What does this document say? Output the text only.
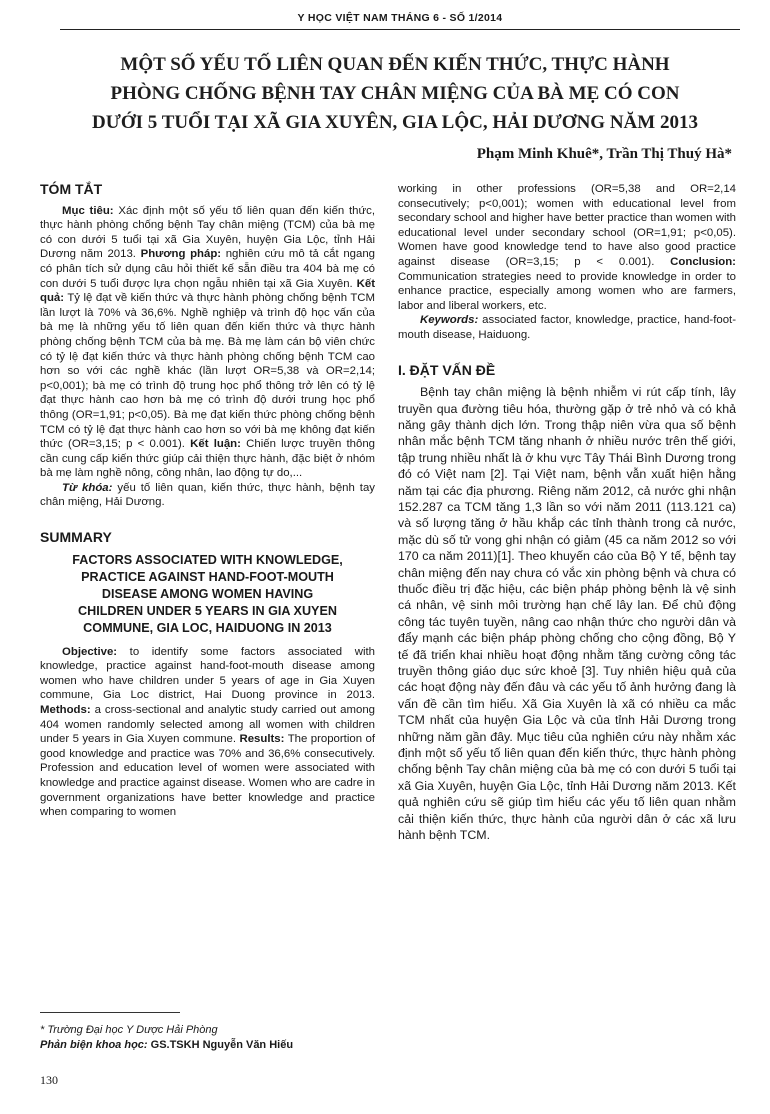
Y HỌC VIỆT NAM THÁNG 6 - SỐ 1/2014
MỘT SỐ YẾU TỐ LIÊN QUAN ĐẾN KIẾN THỨC, THỰC HÀNH
PHÒNG CHỐNG BỆNH TAY CHÂN MIỆNG CỦA BÀ MẸ CÓ CON
DƯỚI 5 TUỔI TẠI XÃ GIA XUYÊN, GIA LỘC, HẢI DƯƠNG NĂM 2013

Phạm Minh Khuê*, Trần Thị Thuý Hà*

TÓM TẮT

Mục tiêu: Xác định một số yếu tố liên quan đến kiến thức, thực hành phòng chống bệnh Tay chân miệng (TCM) của bà mẹ có con dưới 5 tuổi tại xã Gia Xuyên, huyện Gia Lộc, tỉnh Hải Dương năm 2013. Phương pháp: nghiên cứu mô tả cắt ngang có phân tích sử dụng câu hỏi thiết kế sẵn điều tra 404 bà mẹ có con dưới 5 tuổi được lựa chọn ngẫu nhiên tại xã Gia Xuyên. Kết quả: Tỷ lệ đạt về kiến thức và thực hành phòng chống bệnh TCM lần lượt là 70% và 36,6%. Nghề nghiệp và trình độ học vấn của bà mẹ là những yếu tố liên quan đến kiến thức và thực hành phòng chống bệnh TCM của bà mẹ. Bà mẹ làm cán bộ viên chức có tỷ lệ đạt kiến thức và thực hành phòng chống bệnh TCM cao hơn so với các nghề khác (lần lượt OR=5,38 và OR=2,14; p<0,001); bà mẹ có trình độ trung học phổ thông trở lên có tỷ lệ đạt thực hành cao hơn bà mẹ có trình độ dưới trung học phổ thông (OR=1,91; p<0,05). Bà mẹ đạt kiến thức phòng chống bệnh TCM có tỷ lệ đạt thực hành cao hơn so với bà mẹ không đạt kiến thức (OR=3,15; p < 0.001). Kết luận: Chiến lược truyền thông cần cung cấp kiến thức giúp cải thiện thực hành, đặc biệt ở nhóm bà mẹ làm nghề nông, công nhân, lao động tự do,...

Từ khóa: yếu tố liên quan, kiến thức, thực hành, bệnh tay chân miệng, Hải Dương.

SUMMARY
FACTORS ASSOCIATED WITH KNOWLEDGE,
PRACTICE AGAINST HAND-FOOT-MOUTH
DISEASE AMONG WOMEN HAVING
CHILDREN UNDER 5 YEARS IN GIA XUYEN
COMMUNE, GIA LOC, HAIDUONG IN 2013

Objective: to identify some factors associated with knowledge, practice against hand-foot-mouth disease among women who have children under 5 years of age in Gia Xuyen commune, Gia Loc district, Hai Duong province in 2013. Methods: a cross-sectional and analytic study carried out among 404 women randomly selected among all women with children under 5 years in Gia Xuyen commune. Results: The proportion of good knowledge and practice was 70% and 36,6% consecutively. Profession and education level of women were associated with knowledge and practice against disease. Women who are cadre in government organizations have better knowledge and practice when comparing to women

working in other professions (OR=5,38 and OR=2,14 consecutively; p<0,001); women with educational level from secondary school and higher have better practice than women with educational level under secondary school (OR=1,91; p<0,05). Women have good knowledge tend to have also good practice against disease (OR=3,15; p < 0.001). Conclusion: Communication strategies need to provide knowledge in order to enhance practice, especially among women who are farmers, labor and liberal workers, etc.

Keywords: associated factor, knowledge, practice, hand-foot-mouth disease, Haiduong.

I. ĐẶT VẤN ĐỀ

Bệnh tay chân miệng là bệnh nhiễm vi rút cấp tính, lây truyền qua đường tiêu hóa, thường gặp ở trẻ nhỏ và có khả năng gây thành dịch lớn. Trong thập niên vừa qua số bệnh nhân mắc bệnh TCM tăng nhanh ở nhiều nước trên thế giới, tập trung nhiều nhất là ở khu vực Tây Thái Bình Dương trong đó có Việt nam [2]. Tại Việt nam, bệnh vẫn xuất hiện hằng năm tại các địa phương. Riêng năm 2012, cả nước ghi nhận 152.287 ca TCM tăng 1,3 lần so với năm 2011 (113.121 ca) và số lượng tăng ở hầu khắp các tỉnh thành trong cả nước, mặc dù số tử vong ghi nhận có giảm (45 ca năm 2012 so với 170 ca năm 2011)[1]. Theo khuyến cáo của Bộ Y tế, bệnh tay chân miệng đến nay chưa có vắc xin phòng bệnh và chưa có thuốc điều trị đặc hiệu, các biện pháp phòng bệnh là vệ sinh cá nhân, vệ sinh môi trường hạn chế lây lan. Để chủ động công tác tuyên tuyền, nâng cao nhận thức cho người dân và đẩy mạnh các biện pháp phòng chống cho cộng đồng, Bộ Y tế đã triển khai nhiều hoạt động nhằm tăng cường công tác truyền thông giáo dục sức khoẻ [3]. Tuy nhiên hiệu quả của các hoạt động này đến đâu và các yếu tố ảnh hưởng đang là vấn đề cần tìm hiểu. Xã Gia Xuyên là xã có nhiều ca mắc TCM nhất của huyện Gia Lộc và của tỉnh Hải Dương trong những năm gần đây. Mục tiêu của nghiên cứu này nhằm xác định một số yếu tố liên quan đến kiến thức, thực hành phòng chống bệnh Tay chân miệng của bà mẹ có con dưới 5 tuổi tại xã Gia Xuyên, huyện Gia Lộc, tỉnh Hải Dương năm 2013. Kết quả nghiên cứu sẽ giúp tìm hiểu các yếu tố liên quan nhằm cải thiện kiến thức, thực hành của người dân ở các xã lưu hành bệnh TCM.

* Trường Đại học Y Dược Hải Phòng
Phản biện khoa học: GS.TSKH Nguyễn Văn Hiếu
130
